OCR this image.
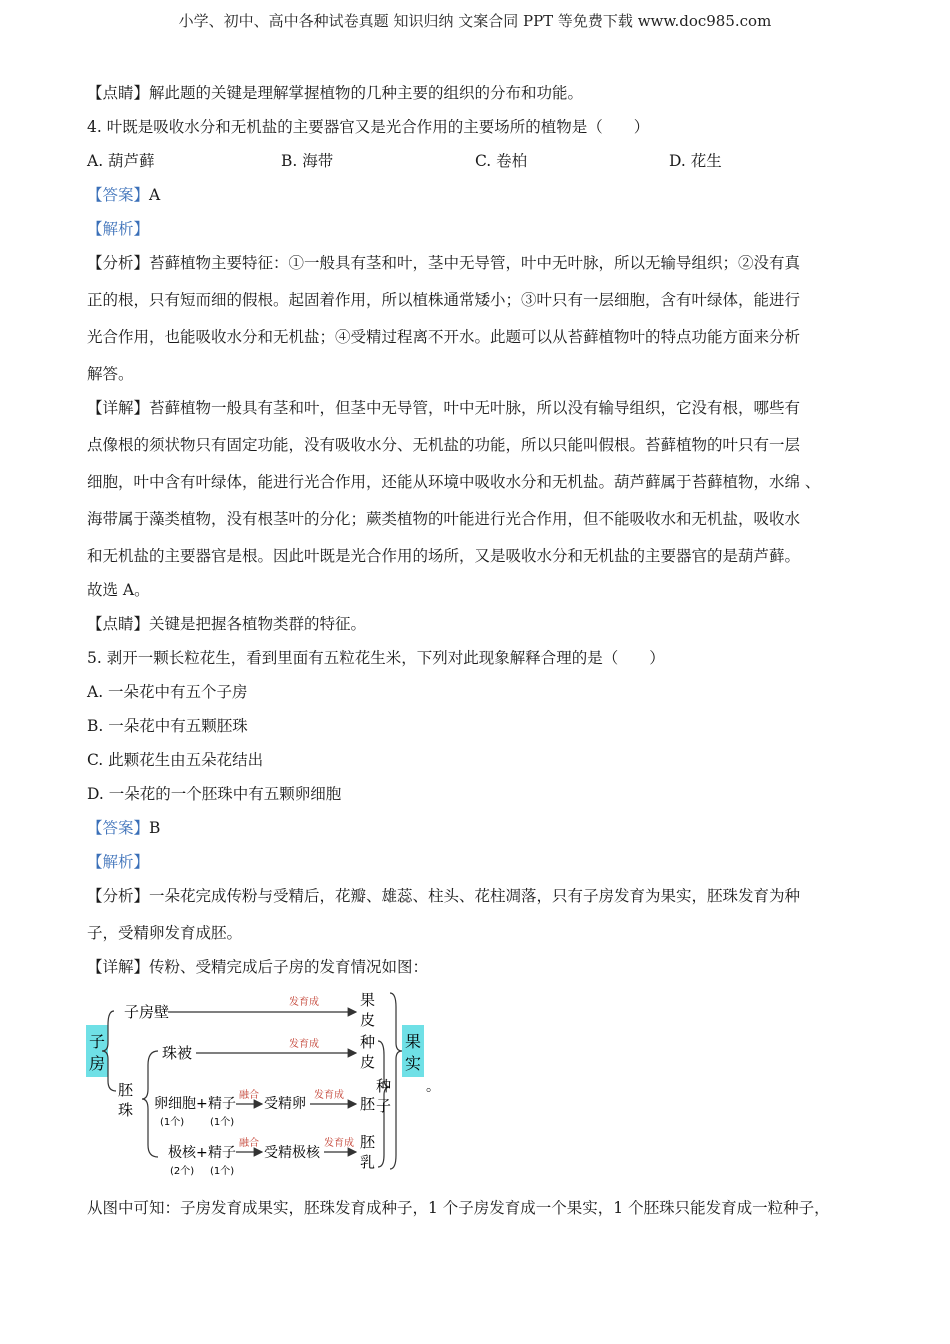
小学、初中、高中各种试卷真题 知识归纳 文案合同 PPT 等免费下载 www.doc985.com
【点睛】解此题的关键是理解掌握植物的几种主要的组织的分布和功能。
4. 叶既是吸收水分和无机盐的主要器官又是光合作用的主要场所的植物是（　　）
A. 葫芦藓	B. 海带	C. 卷柏	D. 花生
【答案】A
【解析】
【分析】苔藓植物主要特征：①一般具有茎和叶，茎中无导管，叶中无叶脉，所以无输导组织；②没有真
正的根，只有短而细的假根。起固着作用，所以植株通常矮小；③叶只有一层细胞，含有叶绿体，能进行
光合作用，也能吸收水分和无机盐；④受精过程离不开水。此题可以从苔藓植物叶的特点功能方面来分析
解答。
【详解】苔藓植物一般具有茎和叶，但茎中无导管，叶中无叶脉，所以没有输导组织，它没有根，哪些有
点像根的须状物只有固定功能，没有吸收水分、无机盐的功能，所以只能叫假根。苔藓植物的叶只有一层
细胞，叶中含有叶绿体，能进行光合作用，还能从环境中吸收水分和无机盐。葫芦藓属于苔藓植物，水绵 、
海带属于藻类植物，没有根茎叶的分化；蕨类植物的叶能进行光合作用，但不能吸收水和无机盐，吸收水
和无机盐的主要器官是根。因此叶既是光合作用的场所，又是吸收水分和无机盐的主要器官的是葫芦藓。
故选 A。
【点睛】关键是把握各植物类群的特征。
5. 剥开一颗长粒花生，看到里面有五粒花生米，下列对此现象解释合理的是（　　）
A. 一朵花中有五个子房
B. 一朵花中有五颗胚珠
C. 此颗花生由五朵花结出
D. 一朵花的一个胚珠中有五颗卵细胞
【答案】B
【解析】
【分析】一朵花完成传粉与受精后，花瓣、雄蕊、柱头、花柱凋落，只有子房发育为果实，胚珠发育为种
子，受精卵发育成胚。
【详解】传粉、受精完成后子房的发育情况如图：
子
房
子房壁
发育成
胚
珠
珠被	发育成
卵细胞 + 精子
(1个)	(1个)
融合
受精卵
发育成
极核 + 精子
(2个) (1个)
融合
受精极核
发育成
果
皮
种
皮
胚
胚
乳
种
子
果
实
。
从图中可知：子房发育成果实，胚珠发育成种子，1 个子房发育成一个果实，1 个胚珠只能发育成一粒种子，
